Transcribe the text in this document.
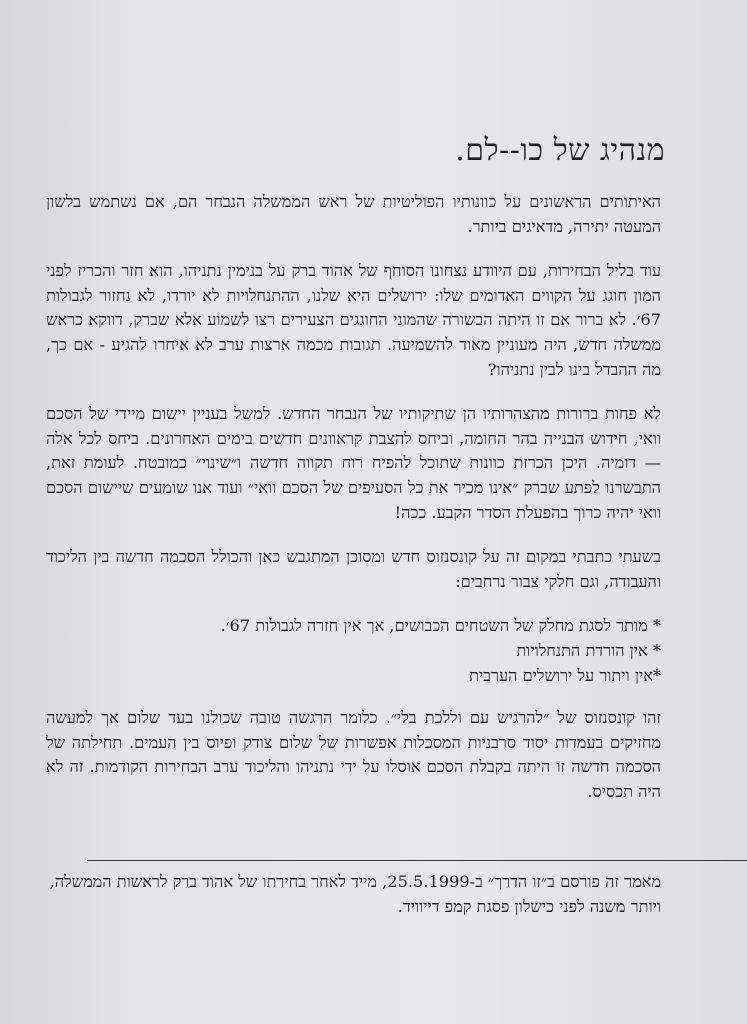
מנהיג של כו--לם.

האיתותים הראשונים על כוונותיו הפוליטיות של ראש הממשלה הנבחר הם, אם נשתמש בלשון המעטה יתירה, מדאיגים ביותר.

עוד בליל הבחירות, עם היוודע נצחונו הסוחף של אהוד ברק על בנימין נתניהו, הוא חזר והכריז לפני המון חוגג על הקווים האדומים שלו: ירושלים היא שלנו, ההתנחלויות לא יורדו, לא נחזור לגבולות 67׳. לא ברור אם זו היתה הבשורה שהמוני החוגגים הצעירים רצו לשמוע אלא שברק, דווקא כראש ממשלה חדש, היה מעוניין מאוד להשמיעה. תגובות מכמה ארצות ערב לא איחרו להגיע - אם כך, מה ההבדל בינו לבין נתניהו?

לא פחות ברורות מהצהרותיו הן שתיקותיו של הנבחר החדש. למשל בעניין יישום מיידי של הסכם וואי, חידוש הבנייה בהר החומה, וביחס להצבת קראוונים חדשים בימים האחרונים. ביחס לכל אלה — דומיה. היכן הכרזת כוונות שתוכל להפיח רוח תקווה חדשה ו״שינוי״ כמובטח. לעומת זאת, התבשרנו לפתע שברק ״אינו מכיר את כל הסעיפים של הסכם וואי״ ועוד אנו שומעים שיישום הסכם וואי יהיה כרוך בהפעלת הסדר הקבע. ככה!

בשעתי כתבתי במקום זה על קונסנזוס חדש ומסוכן המתגבש כאן והכולל הסכמה חדשה בין הליכוד והעבודה, וגם חלקי צבור נרחבים:

* מותר לסגת מחלק של השטחים הכבושים, אך אין חזרה לגבולות 67׳.
* אין הורדת התנחלויות
*אין ויתור על ירושלים הערבית

זהו קונסנזוס של ״להרגיש עם וללכת בלי״. כלומר הרגשה טובה שכולנו בעד שלום אך למעשה מחזיקים בעמדות יסוד סרבניות המסכלות אפשרות של שלום צודק ופיוס בין העמים. תחילתה של הסכמה חדשה זו היתה בקבלת הסכם אוסלו על ידי נתניהו והליכוד ערב הבחירות הקודמות. זה לא היה תכסיס.

מאמר זה פורסם ב״זו הדרך״ ב-25.5.1999, מייד לאחר בחירתו של אהוד ברק לראשות הממשלה, ויותר משנה לפני כישלון פסגת קמפ דייוויד.
